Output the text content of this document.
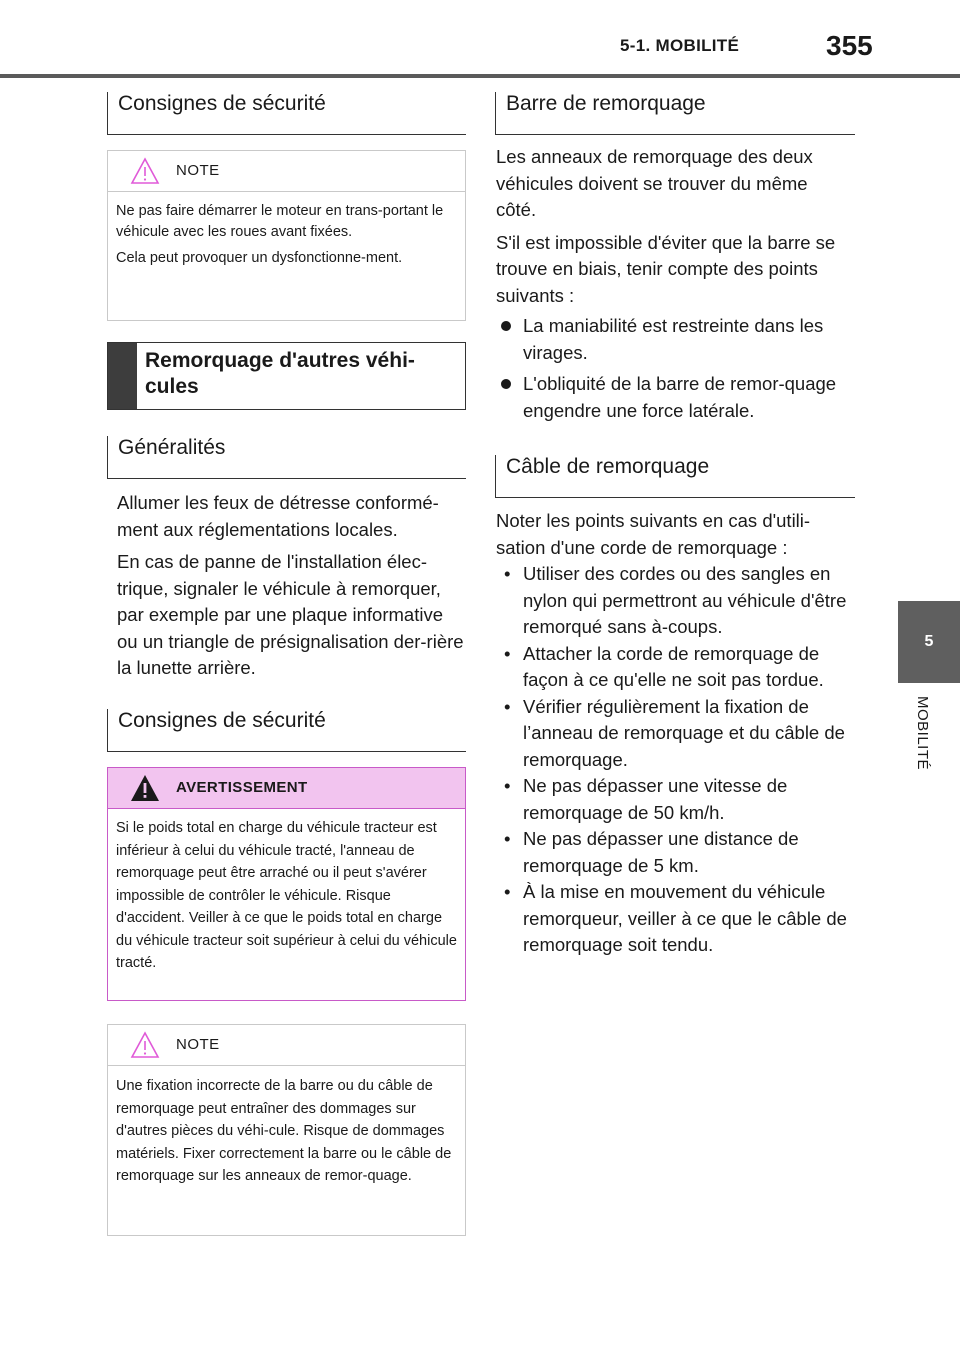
5-1. MOBILITÉ	355
5
MOBILITÉ
Consignes de sécurité
NOTE

Ne pas faire démarrer le moteur en trans-portant le véhicule avec les roues avant fixées.

Cela peut provoquer un dysfonctionne-ment.

Remorquage d'autres véhi-cules
Généralités

Allumer les feux de détresse conformé-ment aux réglementations locales.

En cas de panne de l'installation élec-trique, signaler le véhicule à remorquer, par exemple par une plaque informative ou un triangle de présignalisation der-rière la lunette arrière.

Consignes de sécurité
AVERTISSEMENT
Si le poids total en charge du véhicule tracteur est inférieur à celui du véhicule tracté, l'anneau de remorquage peut être arraché ou il peut s'avérer impossible de contrôler le véhicule. Risque d'accident. Veiller à ce que le poids total en charge du véhicule tracteur soit supérieur à celui du véhicule tracté.
NOTE
Une fixation incorrecte de la barre ou du câble de remorquage peut entraîner des dommages sur d'autres pièces du véhi-cule. Risque de dommages matériels. Fixer correctement la barre ou le câble de remorquage sur les anneaux de remor-quage.
Barre de remorquage

Les anneaux de remorquage des deux véhicules doivent se trouver du même côté.

S'il est impossible d'éviter que la barre se trouve en biais, tenir compte des points suivants :

La maniabilité est restreinte dans les virages.
L'obliquité de la barre de remor-quage engendre une force latérale.
Câble de remorquage

Noter les points suivants en cas d'utili-sation d'une corde de remorquage :

• Utiliser des cordes ou des sangles en nylon qui permettront au véhicule d'être remorqué sans à-coups.
• Attacher la corde de remorquage de façon à ce qu'elle ne soit pas tordue.
• Vérifier régulièrement la fixation de l’anneau de remorquage et du câble de remorquage.
• Ne pas dépasser une vitesse de remorquage de 50 km/h.
• Ne pas dépasser une distance de remorquage de 5 km.
• À la mise en mouvement du véhicule remorqueur, veiller à ce que le câble de remorquage soit tendu.
